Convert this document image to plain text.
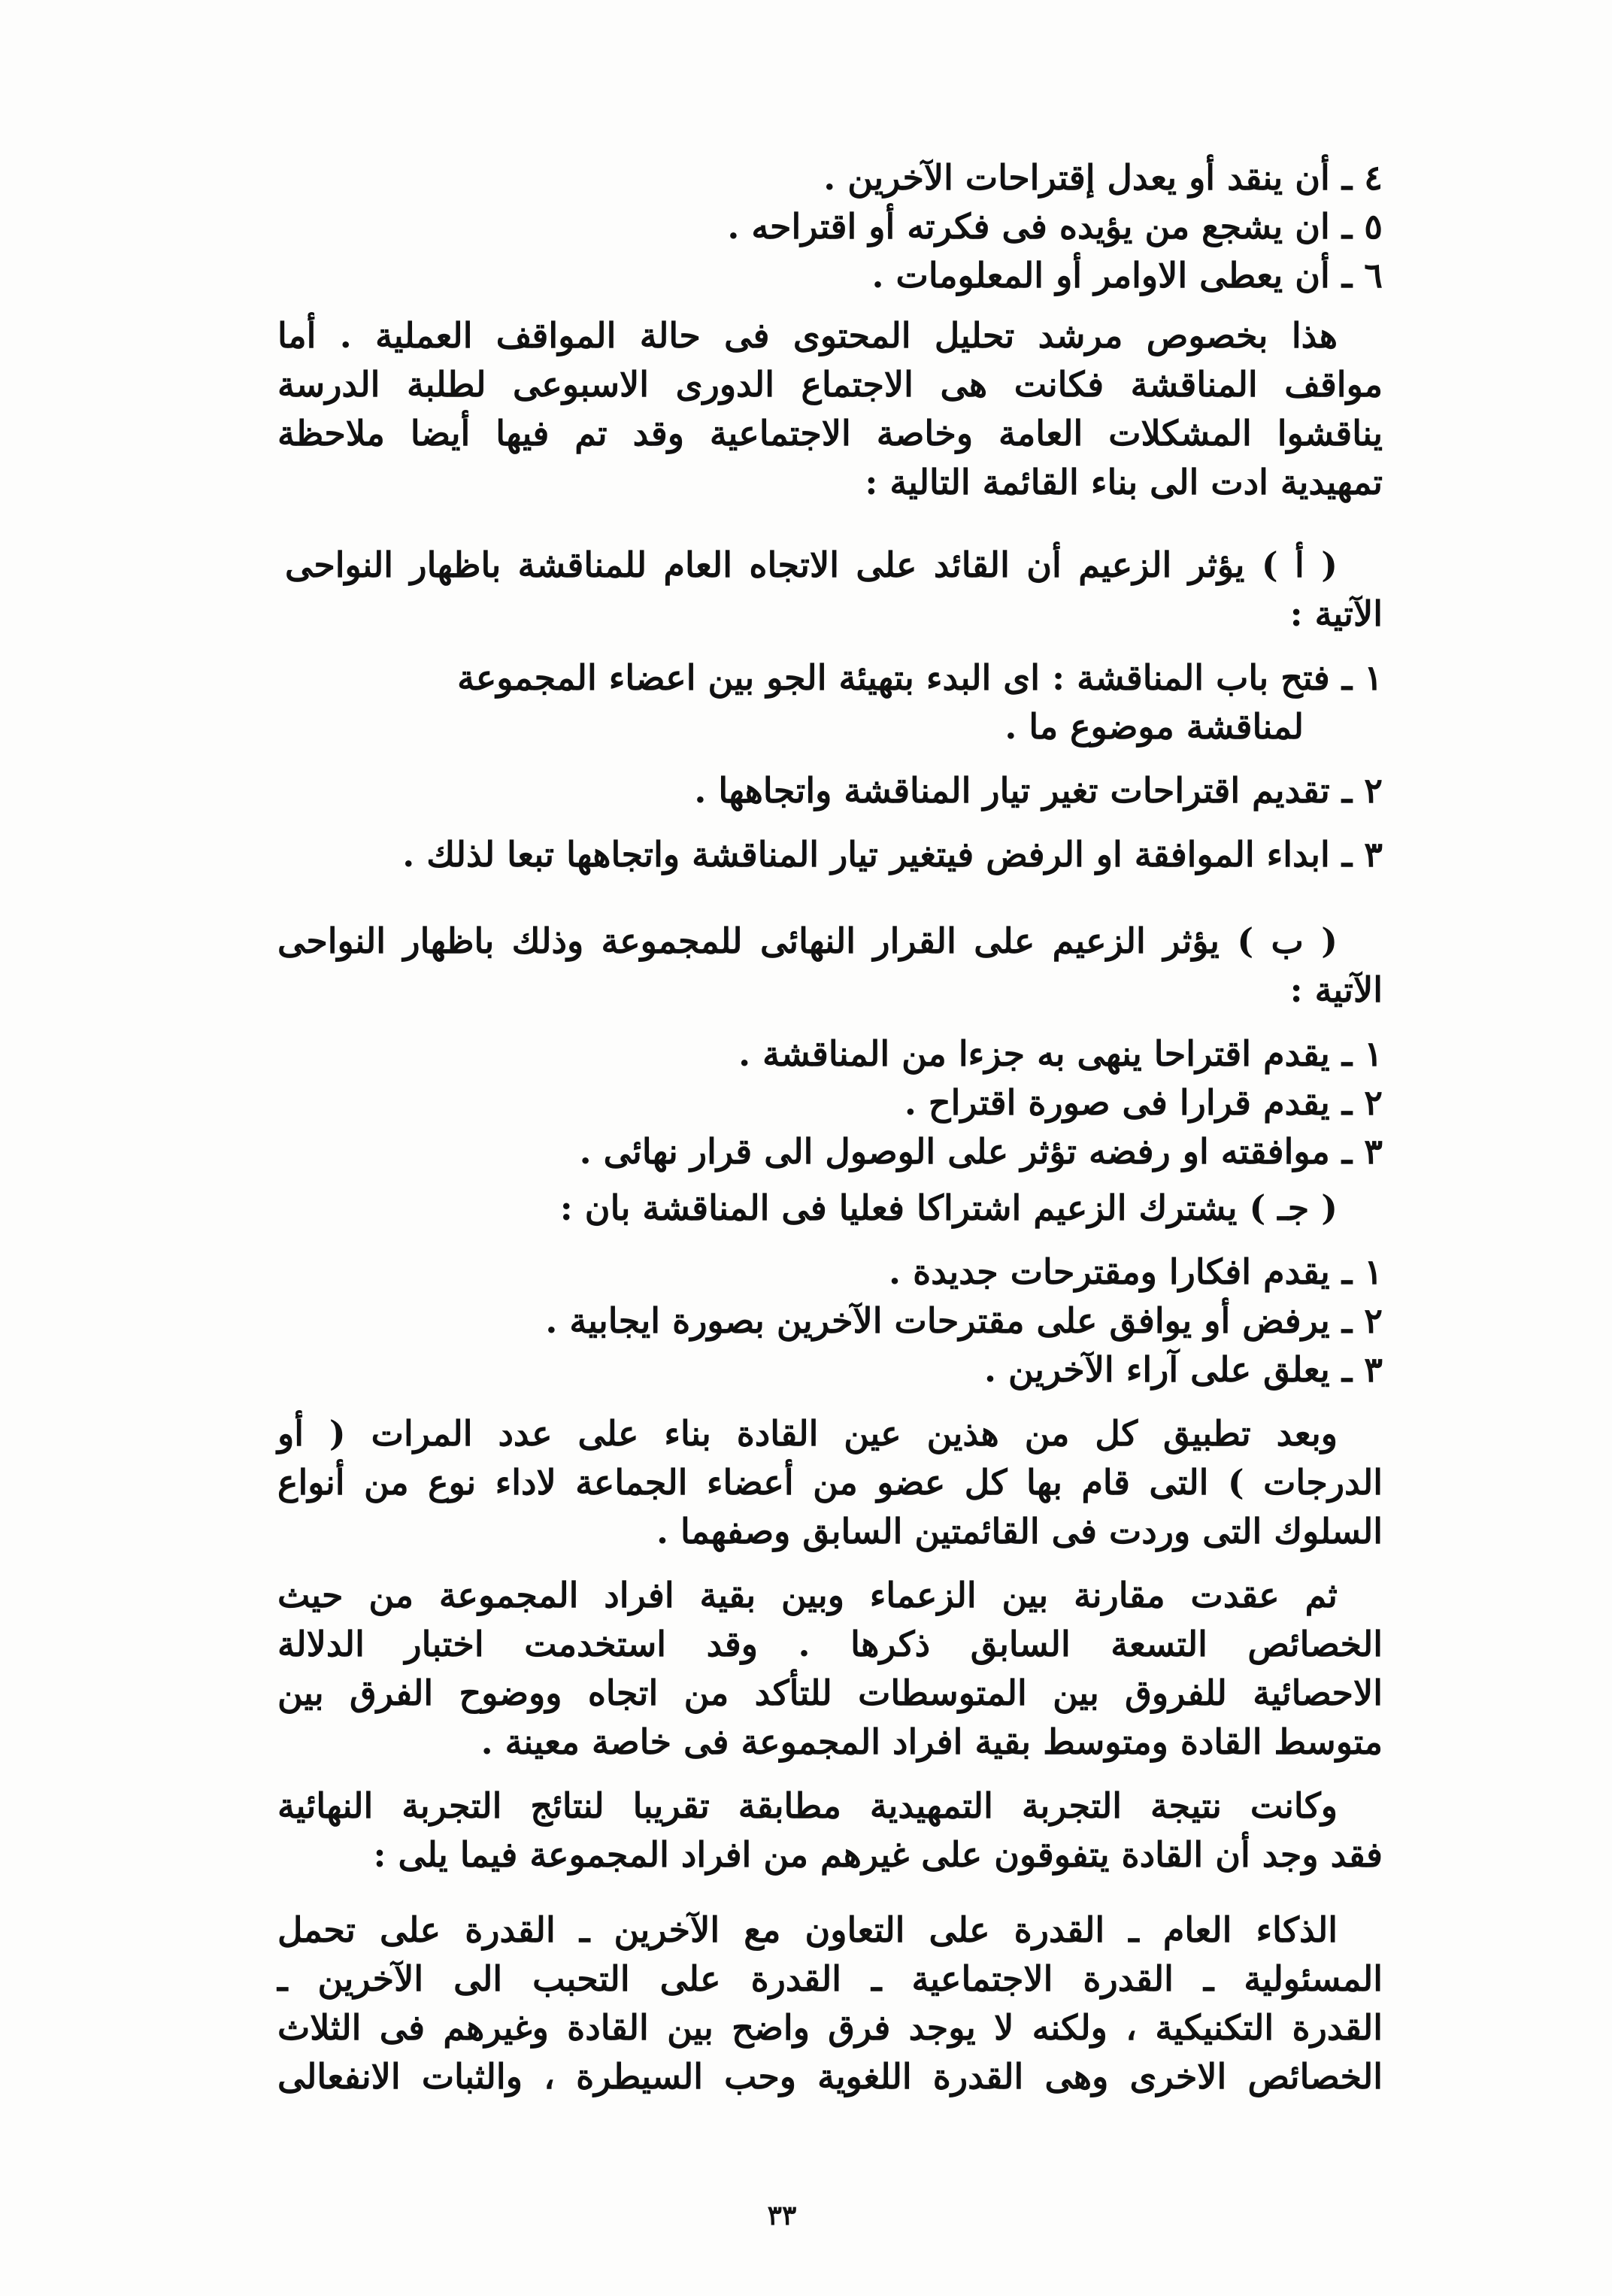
٤ ـ أن ينقد أو يعدل إقتراحات الآخرين .
٥ ـ ان يشجع من يؤيده فى فكرته أو اقتراحه .
٦ ـ أن يعطى الاوامر أو المعلومات .
هذا بخصوص مرشد تحليل المحتوى فى حالة المواقف العملية . أما
مواقف المناقشة فكانت هى الاجتماع الدورى الاسبوعى لطلبة الدرسة
يناقشوا المشكلات العامة وخاصة الاجتماعية وقد تم فيها أيضا ملاحظة
تمهيدية ادت الى بناء القائمة التالية :
( أ ) يؤثر الزعيم أن القائد على الاتجاه العام للمناقشة باظهار النواحى
الآتية :
١ ـ فتح باب المناقشة : اى البدء بتهيئة الجو بين اعضاء المجموعة
لمناقشة موضوع ما .
٢ ـ تقديم اقتراحات تغير تيار المناقشة واتجاهها .
٣ ـ ابداء الموافقة او الرفض فيتغير تيار المناقشة واتجاهها تبعا لذلك .
( ب ) يؤثر الزعيم على القرار النهائى للمجموعة وذلك باظهار النواحى
الآتية :
١ ـ يقدم اقتراحا ينهى به جزءا من المناقشة .
٢ ـ يقدم قرارا فى صورة اقتراح .
٣ ـ موافقته او رفضه تؤثر على الوصول الى قرار نهائى .
( جـ ) يشترك الزعيم اشتراكا فعليا فى المناقشة بان :
١ ـ يقدم افكارا ومقترحات جديدة .
٢ ـ يرفض أو يوافق على مقترحات الآخرين بصورة ايجابية .
٣ ـ يعلق على آراء الآخرين .
وبعد تطبيق كل من هذين عين القادة بناء على عدد المرات ( أو
الدرجات ) التى قام بها كل عضو من أعضاء الجماعة لاداء نوع من أنواع
السلوك التى وردت فى القائمتين السابق وصفهما .
ثم عقدت مقارنة بين الزعماء وبين بقية افراد المجموعة من حيث
الخصائص التسعة السابق ذكرها . وقد استخدمت اختبار الدلالة
الاحصائية للفروق بين المتوسطات للتأكد من اتجاه ووضوح الفرق بين
متوسط القادة ومتوسط بقية افراد المجموعة فى خاصة معينة .
وكانت نتيجة التجربة التمهيدية مطابقة تقريبا لنتائج التجربة النهائية
فقد وجد أن القادة يتفوقون على غيرهم من افراد المجموعة فيما يلى :
الذكاء العام ـ القدرة على التعاون مع الآخرين ـ القدرة على تحمل
المسئولية ـ القدرة الاجتماعية ـ القدرة على التحبب الى الآخرين ـ
القدرة التكنيكية ، ولكنه لا يوجد فرق واضح بين القادة وغيرهم فى الثلاث
الخصائص الاخرى وهى القدرة اللغوية وحب السيطرة ، والثبات الانفعالى
٣٣
